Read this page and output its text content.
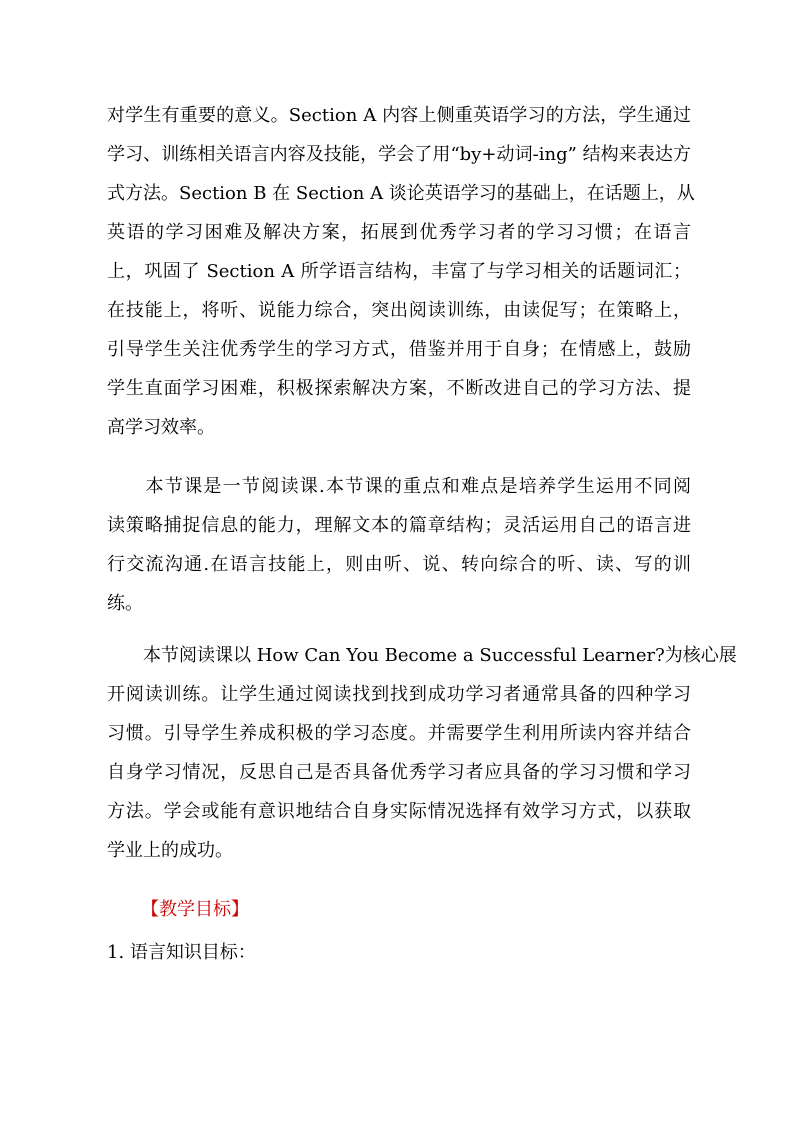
对学生有重要的意义。Section A 内容上侧重英语学习的方法，学生通过
学习、训练相关语言内容及技能，学会了用“by+动词-ing” 结构来表达方
式方法。Section B 在 Section A 谈论英语学习的基础上，在话题上，从
英语的学习困难及解决方案，拓展到优秀学习者的学习习惯；在语言
上，巩固了 Section A 所学语言结构，丰富了与学习相关的话题词汇；
在技能上，将听、说能力综合，突出阅读训练，由读促写；在策略上，
引导学生关注优秀学生的学习方式，借鉴并用于自身；在情感上，鼓励
学生直面学习困难，积极探索解决方案，不断改进自己的学习方法、提
高学习效率。
　　本节课是一节阅读课.本节课的重点和难点是培养学生运用不同阅
读策略捕捉信息的能力，理解文本的篇章结构；灵活运用自己的语言进
行交流沟通.在语言技能上，则由听、说、转向综合的听、读、写的训
练。
　　本节阅读课以 How Can You Become a Successful Learner?为核心展
开阅读训练。让学生通过阅读找到找到成功学习者通常具备的四种学习
习惯。引导学生养成积极的学习态度。并需要学生利用所读内容并结合
自身学习情况，反思自己是否具备优秀学习者应具备的学习习惯和学习
方法。学会或能有意识地结合自身实际情况选择有效学习方式，以获取
学业上的成功。
【教学目标】
1. 语言知识目标：
